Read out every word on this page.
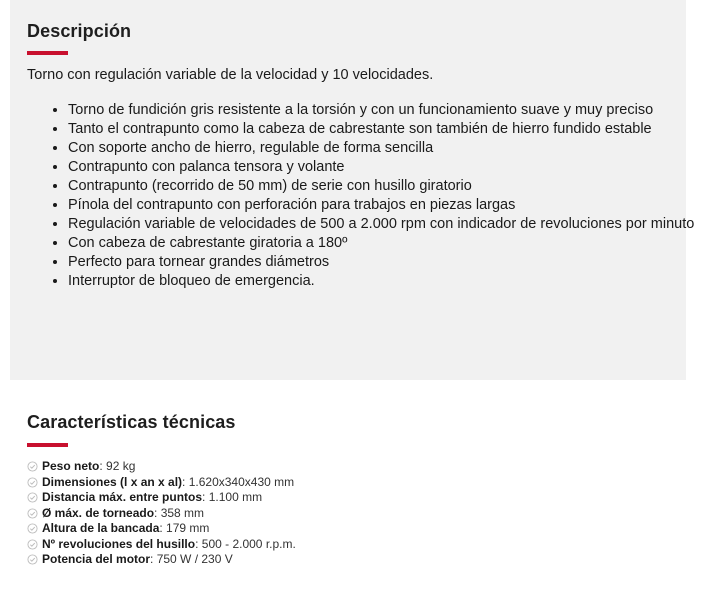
Descripción

Torno con regulación variable de la velocidad y 10 velocidades.

• Torno de fundición gris resistente a la torsión y con un funcionamiento suave y muy preciso
• Tanto el contrapunto como la cabeza de cabrestante son también de hierro fundido estable
• Con soporte ancho de hierro, regulable de forma sencilla
• Contrapunto con palanca tensora y volante
• Contrapunto (recorrido de 50 mm) de serie con husillo giratorio
• Pínola del contrapunto con perforación para trabajos en piezas largas
• Regulación variable de velocidades de 500 a 2.000 rpm con indicador de revoluciones por minuto
• Con cabeza de cabrestante giratoria a 180º
• Perfecto para tornear grandes diámetros
• Interruptor de bloqueo de emergencia.
Características técnicas
Peso neto : 92 kg
Dimensiones (l x an x al) : 1.620x340x430 mm
Distancia máx. entre puntos : 1.100 mm
Ø máx. de torneado : 358 mm
Altura de la bancada : 179 mm
Nº revoluciones del husillo : 500 - 2.000 r.p.m.
Potencia del motor : 750 W / 230 V
